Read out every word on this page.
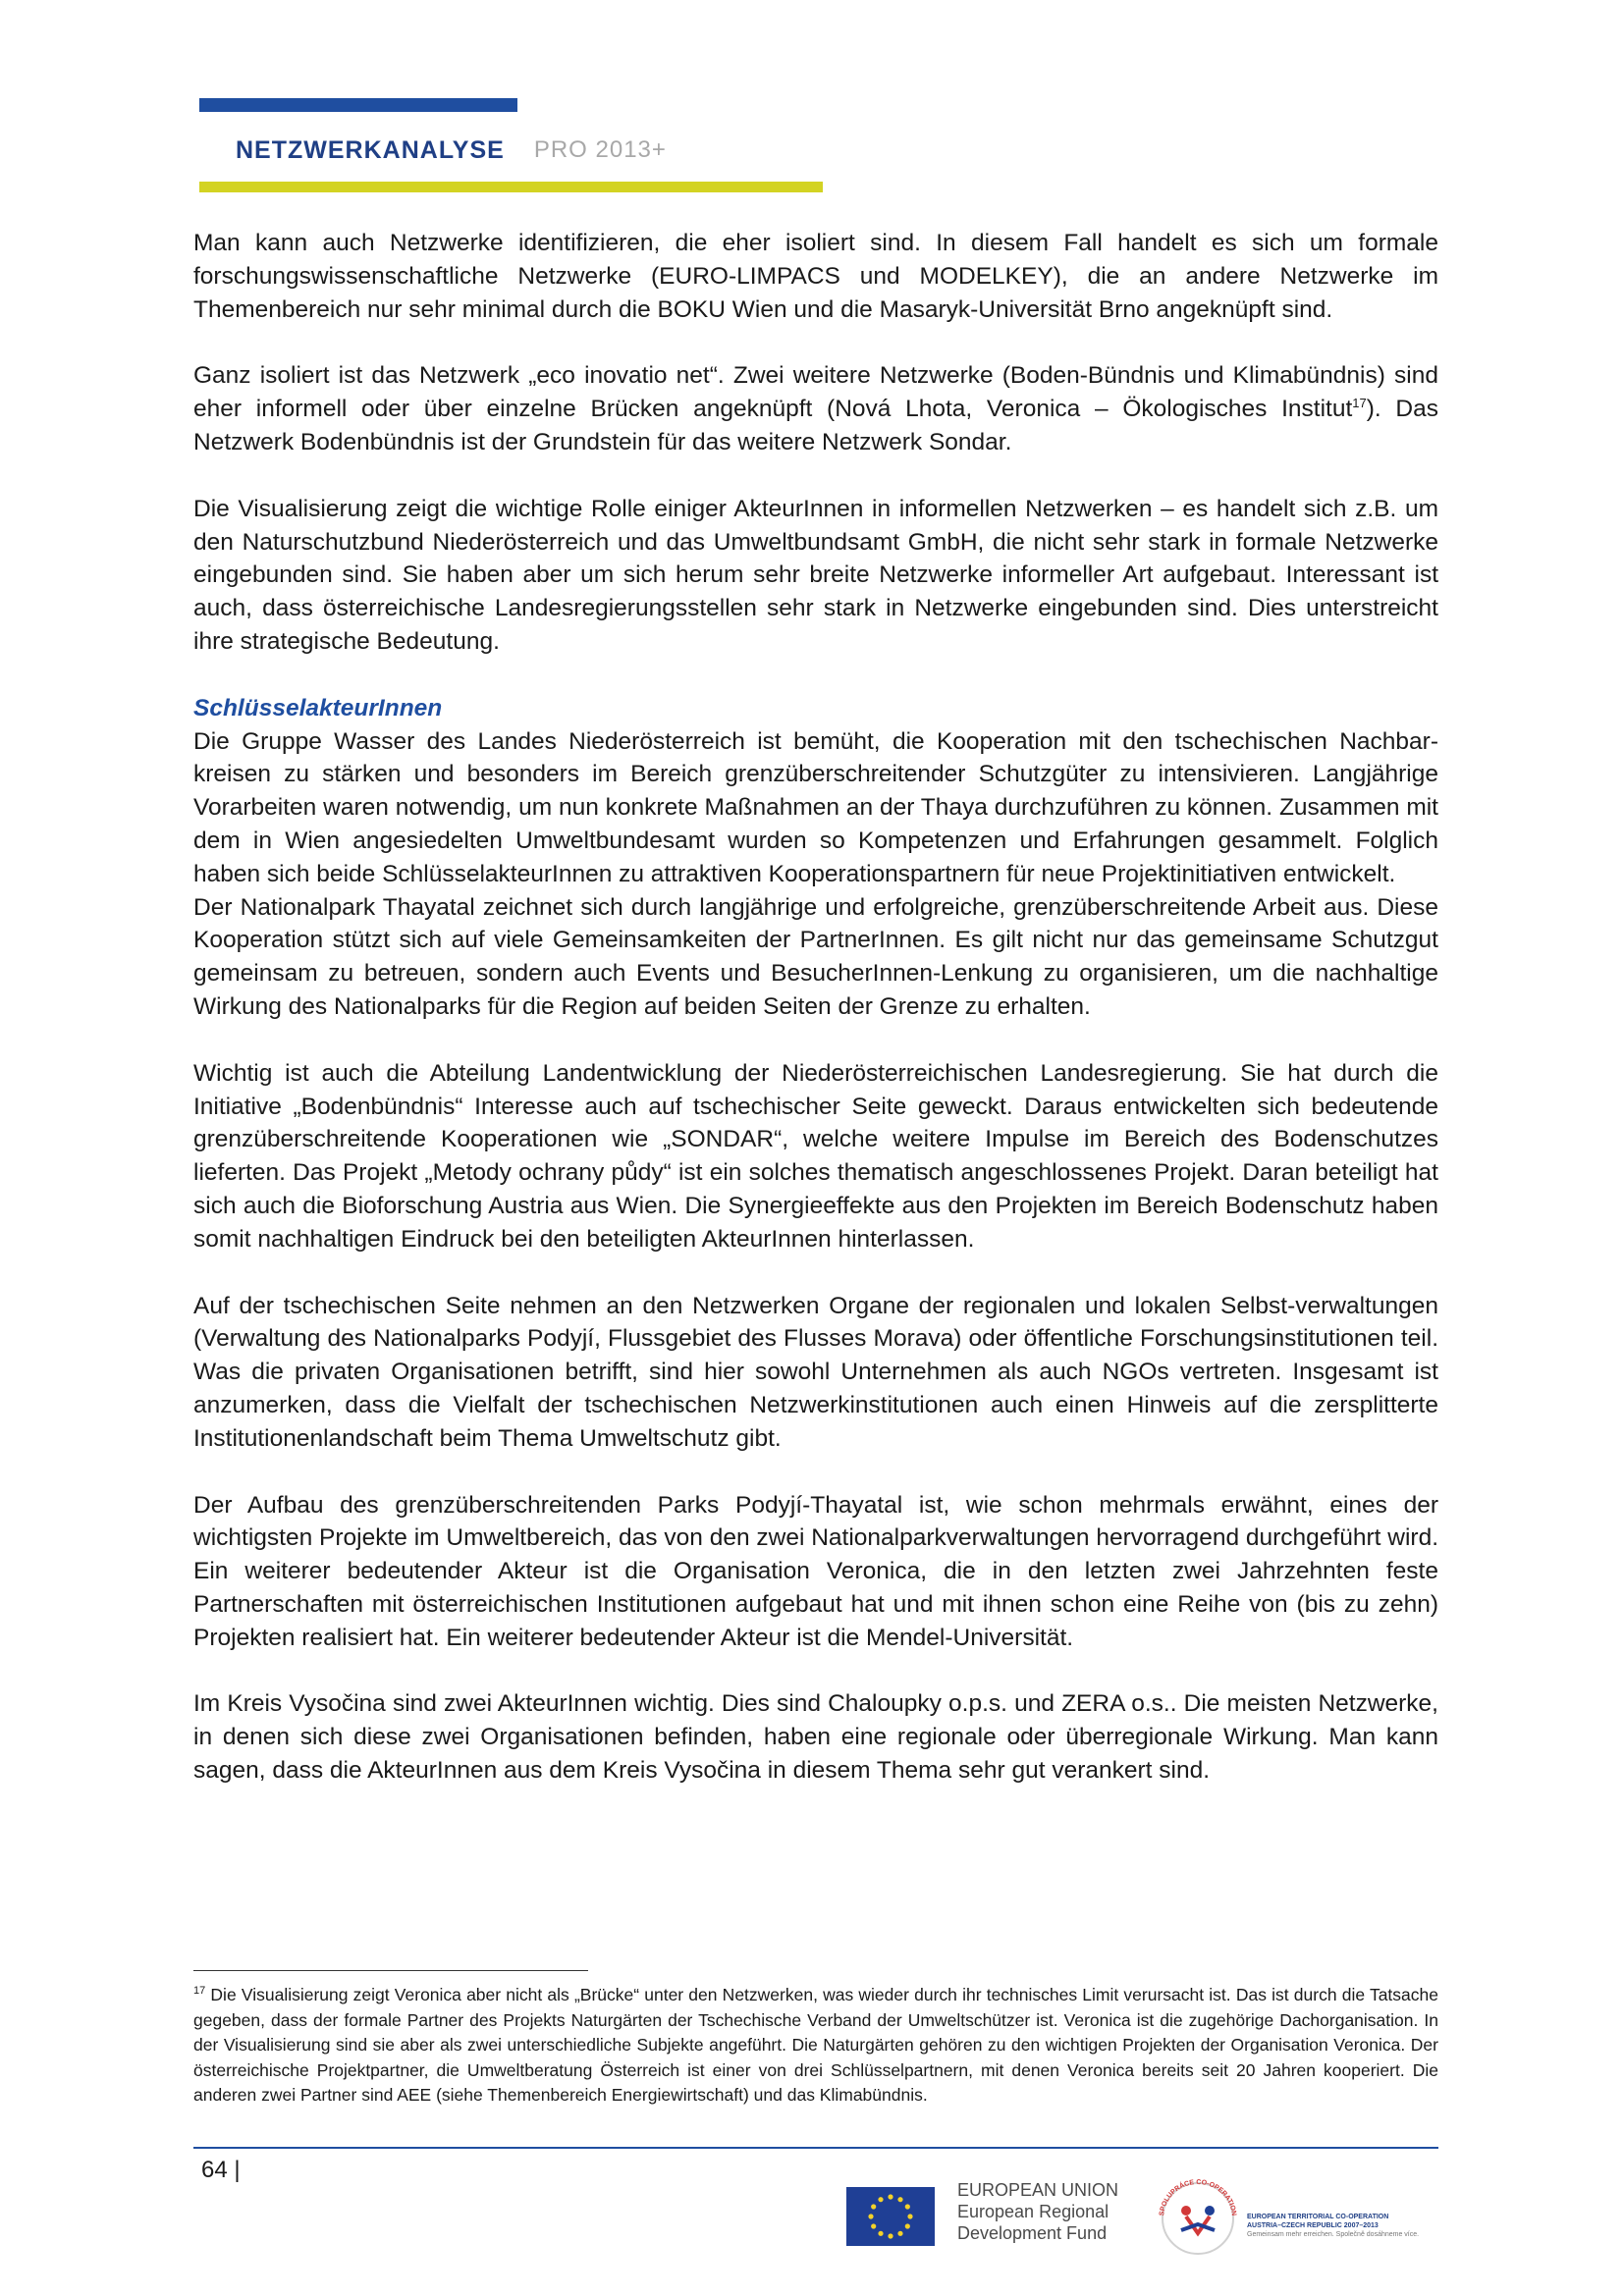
NETZWERKANALYSE PRO 2013+

Man kann auch Netzwerke identifizieren, die eher isoliert sind. In diesem Fall handelt es sich um formale forschungswissenschaftliche Netzwerke (EURO-LIMPACS und MODELKEY), die an andere Netzwerke im Themenbereich nur sehr minimal durch die BOKU Wien und die Masaryk-Universität Brno angeknüpft sind.

Ganz isoliert ist das Netzwerk „eco inovatio net“. Zwei weitere Netzwerke (Boden-Bündnis und Klimabündnis) sind eher informell oder über einzelne Brücken angeknüpft (Nová Lhota, Veronica – Ökologisches Institut$^{17}$). Das Netzwerk Bodenbündnis ist der Grundstein für das weitere Netzwerk Sondar.

Die Visualisierung zeigt die wichtige Rolle einiger AkteurInnen in informellen Netzwerken – es handelt sich z.B. um den Naturschutzbund Niederösterreich und das Umweltbundsamt GmbH, die nicht sehr stark in formale Netzwerke eingebunden sind. Sie haben aber um sich herum sehr breite Netzwerke informeller Art aufgebaut. Interessant ist auch, dass österreichische Landesregierungsstellen sehr stark in Netzwerke eingebunden sind. Dies unterstreicht ihre strategische Bedeutung.

SchlüsselakteurInnen

Die Gruppe Wasser des Landes Niederösterreich ist bemüht, die Kooperation mit den tschechischen Nachbar-kreisen zu stärken und besonders im Bereich grenzüberschreitender Schutzgüter zu intensivieren. Langjährige Vorarbeiten waren notwendig, um nun konkrete Maßnahmen an der Thaya durchzuführen zu können. Zusammen mit dem in Wien angesiedelten Umweltbundesamt wurden so Kompetenzen und Erfahrungen gesammelt. Folglich haben sich beide SchlüsselakteurInnen zu attraktiven Kooperationspartnern für neue Projektinitiativen entwickelt.

Der Nationalpark Thayatal zeichnet sich durch langjährige und erfolgreiche, grenzüberschreitende Arbeit aus. Diese Kooperation stützt sich auf viele Gemeinsamkeiten der PartnerInnen. Es gilt nicht nur das gemeinsame Schutzgut gemeinsam zu betreuen, sondern auch Events und BesucherInnen-Lenkung zu organisieren, um die nachhaltige Wirkung des Nationalparks für die Region auf beiden Seiten der Grenze zu erhalten.

Wichtig ist auch die Abteilung Landentwicklung der Niederösterreichischen Landesregierung. Sie hat durch die Initiative „Bodenbündnis“ Interesse auch auf tschechischer Seite geweckt. Daraus entwickelten sich bedeutende grenzüberschreitende Kooperationen wie „SONDAR“, welche weitere Impulse im Bereich des Bodenschutzes lieferten. Das Projekt „Metody ochrany půdy“ ist ein solches thematisch angeschlossenes Projekt. Daran beteiligt hat sich auch die Bioforschung Austria aus Wien. Die Synergieeffekte aus den Projekten im Bereich Bodenschutz haben somit nachhaltigen Eindruck bei den beteiligten AkteurInnen hinterlassen.

Auf der tschechischen Seite nehmen an den Netzwerken Organe der regionalen und lokalen Selbst-verwaltungen (Verwaltung des Nationalparks Podyjí, Flussgebiet des Flusses Morava) oder öffentliche Forschungsinstitutionen teil. Was die privaten Organisationen betrifft, sind hier sowohl Unternehmen als auch NGOs vertreten. Insgesamt ist anzumerken, dass die Vielfalt der tschechischen Netzwerkinstitutionen auch einen Hinweis auf die zersplitterte Institutionenlandschaft beim Thema Umweltschutz gibt.

Der Aufbau des grenzüberschreitenden Parks Podyjí-Thayatal ist, wie schon mehrmals erwähnt, eines der wichtigsten Projekte im Umweltbereich, das von den zwei Nationalparkverwaltungen hervorragend durchgeführt wird. Ein weiterer bedeutender Akteur ist die Organisation Veronica, die in den letzten zwei Jahrzehnten feste Partnerschaften mit österreichischen Institutionen aufgebaut hat und mit ihnen schon eine Reihe von (bis zu zehn) Projekten realisiert hat. Ein weiterer bedeutender Akteur ist die Mendel-Universität.

Im Kreis Vysočina sind zwei AkteurInnen wichtig. Dies sind Chaloupky o.p.s. und ZERA o.s.. Die meisten Netzwerke, in denen sich diese zwei Organisationen befinden, haben eine regionale oder überregionale Wirkung. Man kann sagen, dass die AkteurInnen aus dem Kreis Vysočina in diesem Thema sehr gut verankert sind.

$^{17}$ Die Visualisierung zeigt Veronica aber nicht als „Brücke“ unter den Netzwerken, was wieder durch ihr technisches Limit verursacht ist. Das ist durch die Tatsache gegeben, dass der formale Partner des Projekts Naturgärten der Tschechische Verband der Umweltschützer ist. Veronica ist die zugehörige Dachorganisation. In der Visualisierung sind sie aber als zwei unterschiedliche Subjekte angeführt. Die Naturgärten gehören zu den wichtigen Projekten der Organisation Veronica. Der österreichische Projektpartner, die Umweltberatung Österreich ist einer von drei Schlüsselpartnern, mit denen Veronica bereits seit 20 Jahren kooperiert. Die anderen zwei Partner sind AEE (siehe Themenbereich Energiewirtschaft) und das Klimabündnis.
64 |
EUROPEAN UNION
European Regional
Development Fund
SPOLUPRÁCE CO-OPERATION
EUROPEAN TERRITORIAL CO-OPERATION
AUSTRIA–CZECH REPUBLIC 2007–2013
Gemeinsam mehr erreichen. Společně dosáhneme více.
